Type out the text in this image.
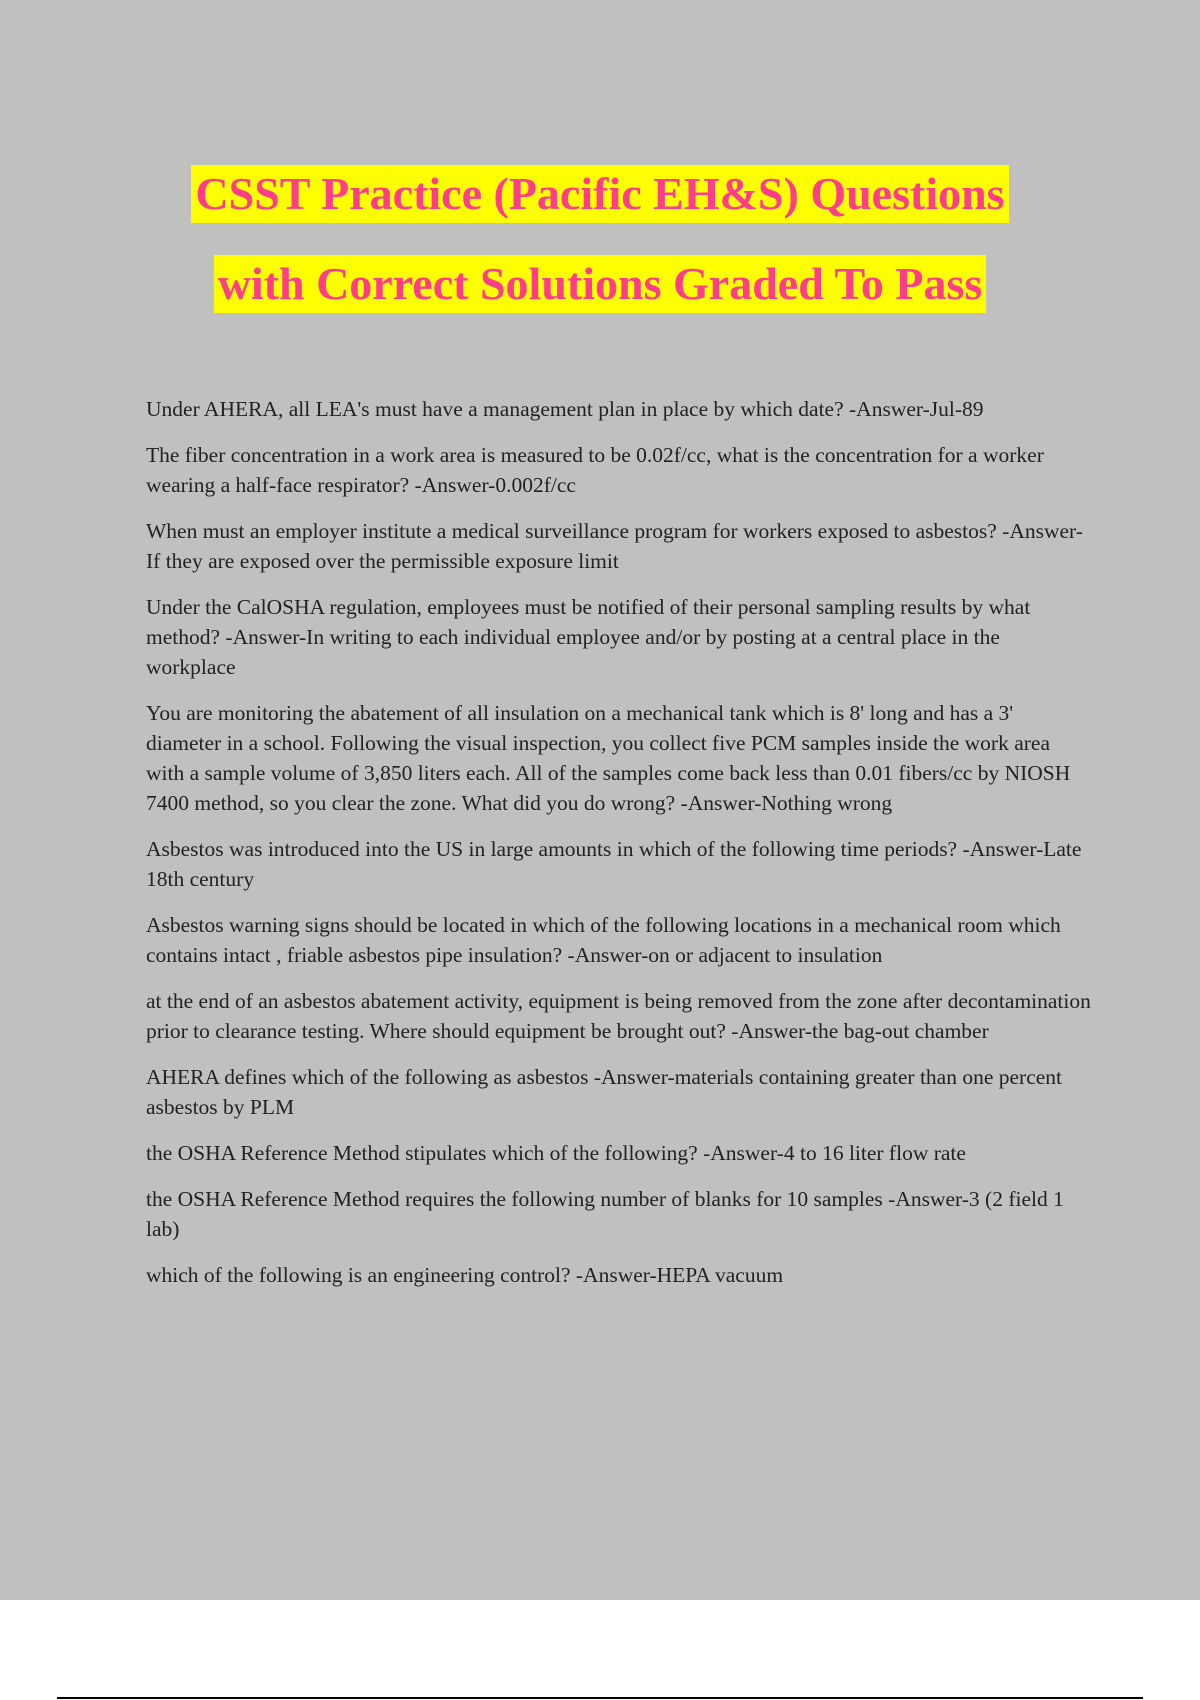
CSST Practice (Pacific EH&S) Questions
with Correct Solutions Graded To Pass

Under AHERA, all LEA's must have a management plan in place by which date? -Answer-Jul-89

The fiber concentration in a work area is measured to be 0.02f/cc, what is the concentration for a worker wearing a half-face respirator? -Answer-0.002f/cc

When must an employer institute a medical surveillance program for workers exposed to asbestos? -Answer-If they are exposed over the permissible exposure limit

Under the CalOSHA regulation, employees must be notified of their personal sampling results by what method? -Answer-In writing to each individual employee and/or by posting at a central place in the workplace

You are monitoring the abatement of all insulation on a mechanical tank which is 8' long and has a 3' diameter in a school. Following the visual inspection, you collect five PCM samples inside the work area with a sample volume of 3,850 liters each. All of the samples come back less than 0.01 fibers/cc by NIOSH 7400 method, so you clear the zone. What did you do wrong? -Answer-Nothing wrong

Asbestos was introduced into the US in large amounts in which of the following time periods? -Answer-Late 18th century

Asbestos warning signs should be located in which of the following locations in a mechanical room which contains intact , friable asbestos pipe insulation? -Answer-on or adjacent to insulation

at the end of an asbestos abatement activity, equipment is being removed from the zone after decontamination prior to clearance testing. Where should equipment be brought out? -Answer-the bag-out chamber

AHERA defines which of the following as asbestos -Answer-materials containing greater than one percent asbestos by PLM

the OSHA Reference Method stipulates which of the following? -Answer-4 to 16 liter flow rate

the OSHA Reference Method requires the following number of blanks for 10 samples -Answer-3 (2 field 1 lab)

which of the following is an engineering control? -Answer-HEPA vacuum
